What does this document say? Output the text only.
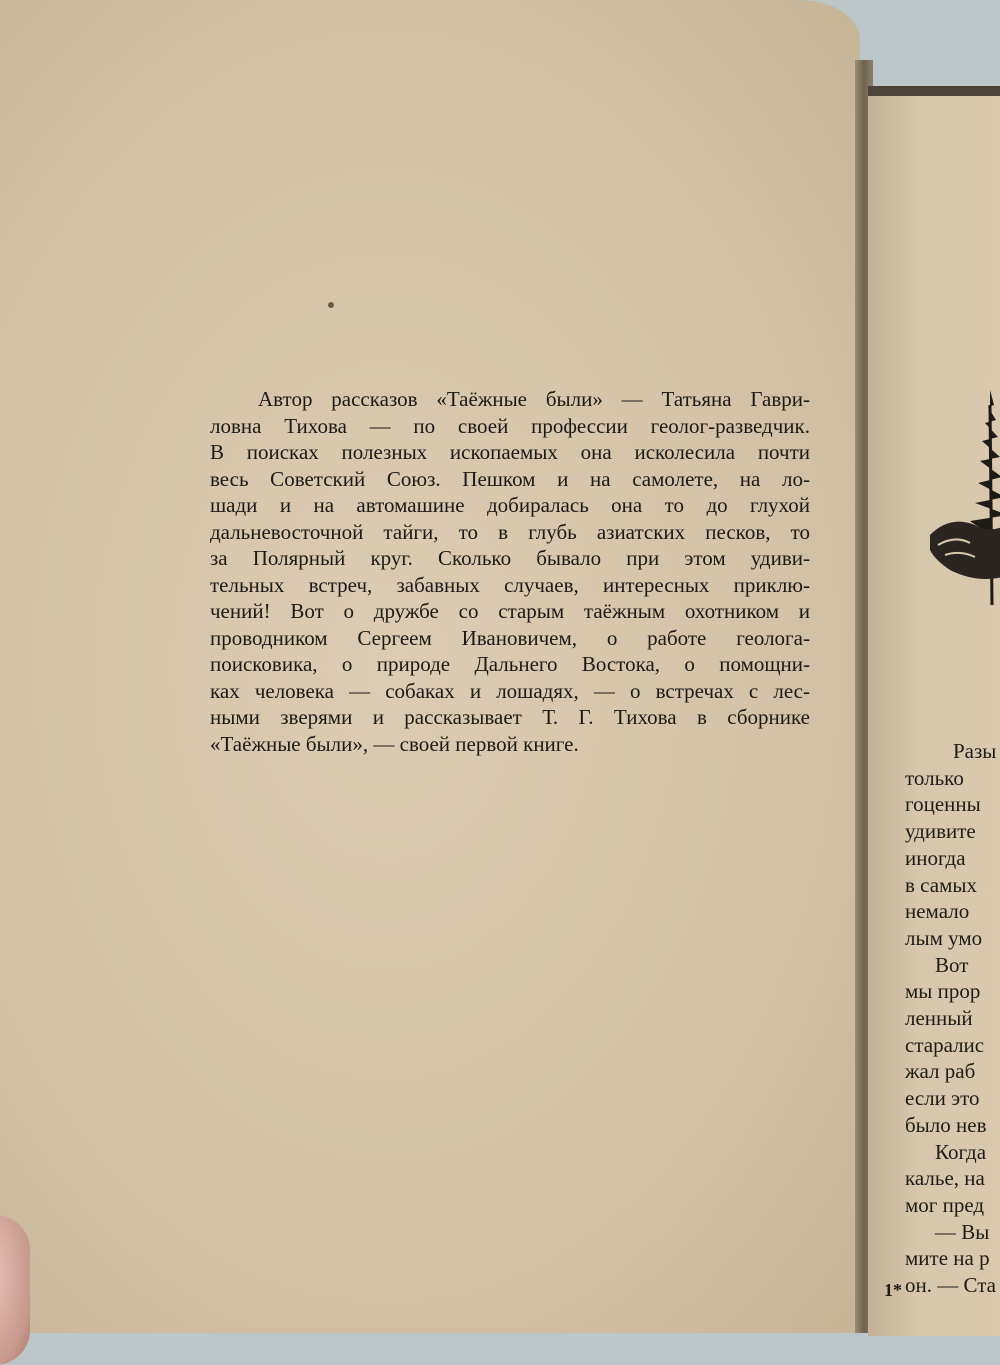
Автор рассказов «Таёжные были» — Татьяна Гаври-
ловна Тихова — по своей профессии геолог-разведчик.
В поисках полезных ископаемых она исколесила почти
весь Советский Союз. Пешком и на самолете, на ло-
шади и на автомашине добиралась она то до глухой
дальневосточной тайги, то в глубь азиатских песков, то
за Полярный круг. Сколько бывало при этом удиви-
тельных встреч, забавных случаев, интересных приклю-
чений! Вот о дружбе со старым таёжным охотником и
проводником Сергеем Ивановичем, о работе геолога-
поисковика, о природе Дальнего Востока, о помощни-
ках человека — собаках и лошадях, — о встречах с лес-
ными зверями и рассказывает Т. Г. Тихова в сборнике
«Таёжные были», — своей первой книге.	Разы
только
гоценны
удивите
иногда
в самых
немало
лым умо
Вот
мы прор
ленный
старалис
жал раб
если это
было нев
Когда
кальe, на
мог пред
— Вы
мите на р
он. — Ста
1*
